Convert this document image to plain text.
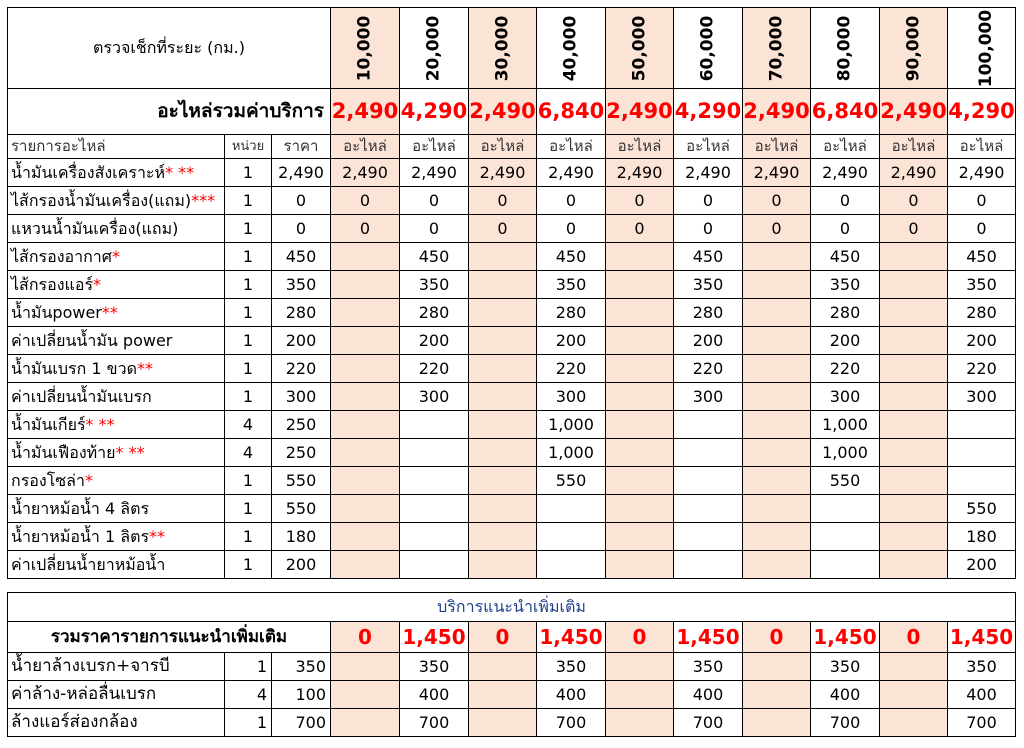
ตรวจเช็กที่ระยะ (กม.)			10,000	20,000	30,000	40,000	50,000	60,000	70,000	80,000	90,000	100,000
อะไหล่รวมค่าบริการ			2,490	4,290	2,490	6,840	2,490	4,290	2,490	6,840	2,490	4,290
รายการอะไหล่	หน่วย	ราคา	อะไหล่	อะไหล่	อะไหล่	อะไหล่	อะไหล่	อะไหล่	อะไหล่	อะไหล่	อะไหล่	อะไหล่
น้ำมันเครื่องสังเคราะห์* **	1	2,490	2,490	2,490	2,490	2,490	2,490	2,490	2,490	2,490	2,490	2,490
ไส้กรองน้ำมันเครื่อง(แถม)***	1	0	0	0	0	0	0	0	0	0	0	0
แหวนน้ำมันเครื่อง(แถม)	1	0	0	0	0	0	0	0	0	0	0	0
ไส้กรองอากาศ*	1	450		450		450		450		450		450
ไส้กรองแอร์*	1	350		350		350		350		350		350
น้ำมันpower**	1	280		280		280		280		280		280
ค่าเปลี่ยนน้ำมัน power	1	200		200		200		200		200		200
น้ำมันเบรก 1 ขวด**	1	220		220		220		220		220		220
ค่าเปลี่ยนน้ำมันเบรก	1	300		300		300		300		300		300
น้ำมันเกียร์* **	4	250				1,000				1,000		
น้ำมันเฟืองท้าย* **	4	250				1,000				1,000		
กรองโซล่า*	1	550				550				550		
น้ำยาหม้อน้ำ 4 ลิตร	1	550										550
น้ำยาหม้อน้ำ 1 ลิตร**	1	180										180
ค่าเปลี่ยนน้ำยาหม้อน้ำ	1	200										200
บริการแนะนำเพิ่มเติม												
รวมราคารายการแนะนำเพิ่มเติม			0	1,450	0	1,450	0	1,450	0	1,450	0	1,450
น้ำยาล้างเบรก+จารบี	1	350		350		350		350		350		350
ค่าล้าง-หล่อลื่นเบรก	4	100		400		400		400		400		400
ล้างแอร์ส่องกล้อง	1	700		700		700		700		700		700
